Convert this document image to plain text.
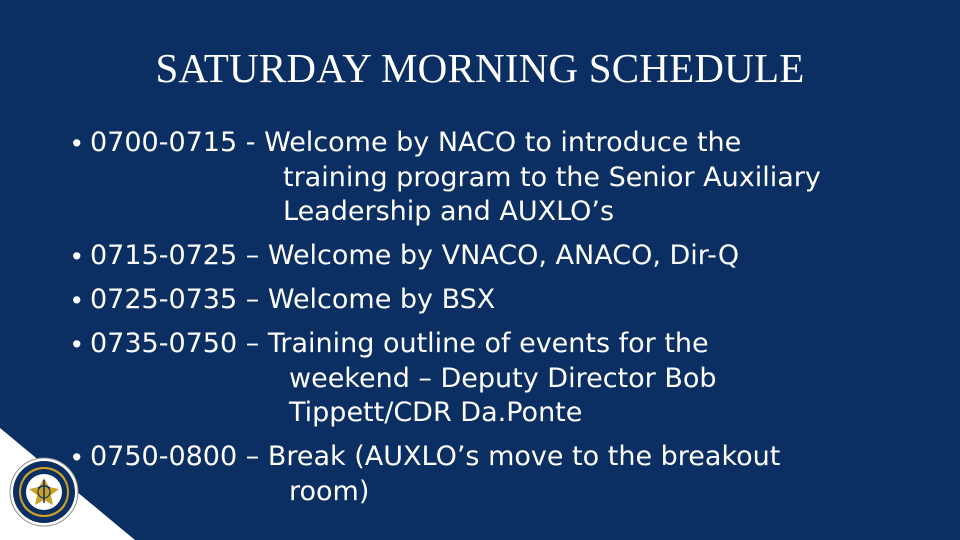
SATURDAY MORNING SCHEDULE
• 0700-0715 - Welcome by NACO to introduce the
training program to the Senior Auxiliary
Leadership and AUXLO’s
• 0715-0725 – Welcome by VNACO, ANACO, Dir-Q
• 0725-0735 – Welcome by BSX
• 0735-0750 – Training outline of events for the
weekend – Deputy Director Bob
Tippett/CDR Da.Ponte
• 0750-0800 – Break (AUXLO’s move to the breakout
room)
